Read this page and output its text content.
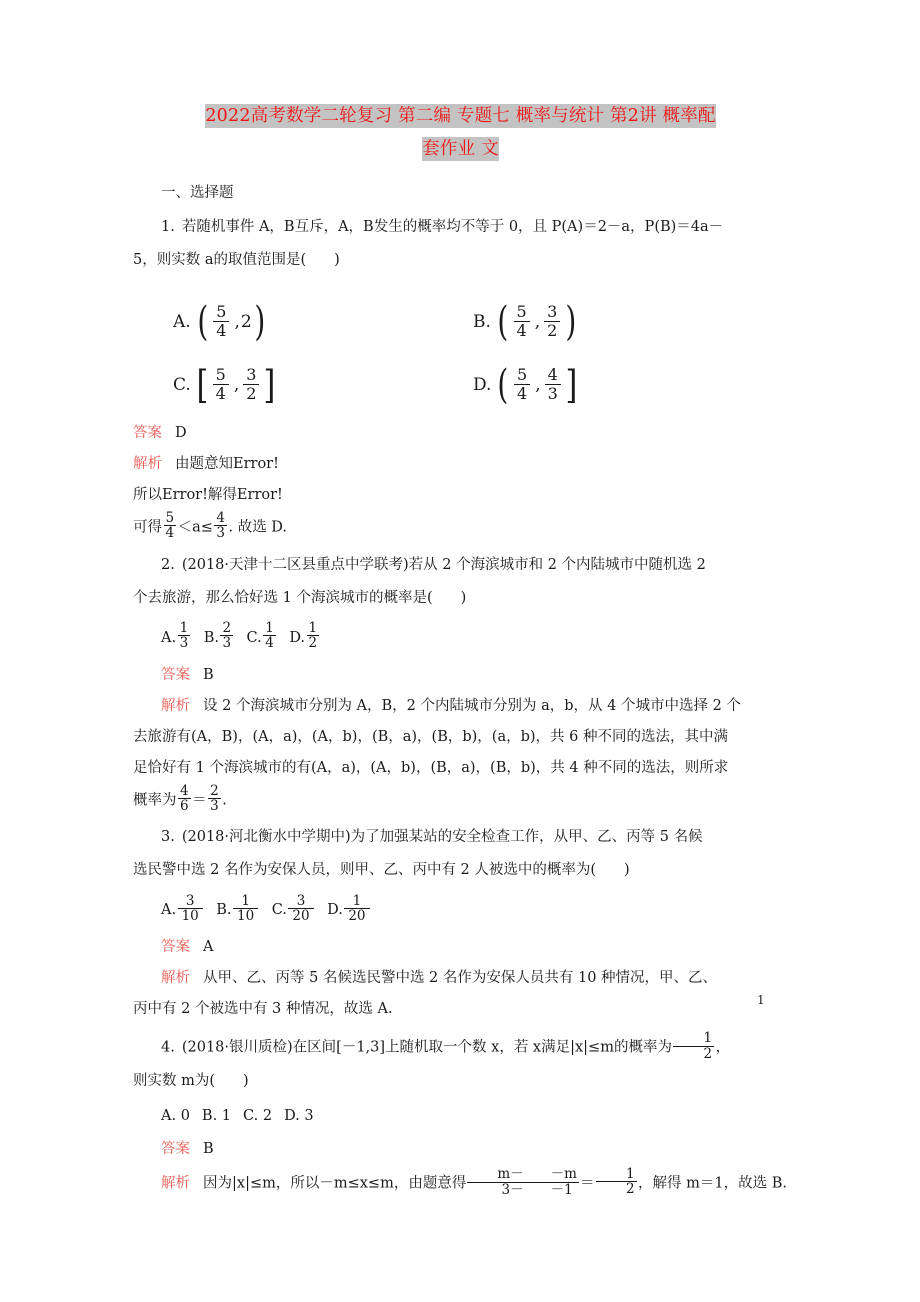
2022高考数学二轮复习 第二编 专题七 概率与统计 第2讲 概率配
套作业 文

一、选择题

1. 若随机事件 A，B互斥，A，B发生的概率均不等于 0，且 P(A)＝2－a，P(B)＝4a－

5，则实数 a的取值范围是( )

A. ( $\frac{5}{4}$ , 2 )	B. ( $\frac{5}{4}$ , $\frac{3}{2}$ )
C. [ $\frac{5}{4}$ , $\frac{3}{2}$ ]	D. ( $\frac{5}{4}$ , $\frac{4}{3}$ ]

答案 D

解析 由题意知Error!

所以Error!解得Error!

可得 $\frac{5}{4} <a\le \frac{4}{3}$ . 故选 D.

2. (2018·天津十二区县重点中学联考)若从 2 个海滨城市和 2 个内陆城市中随机选 2

个去旅游，那么恰好选 1 个海滨城市的概率是( )

A. $\frac{1}{3} B$. $\frac{2}{3} C$. $\frac{1}{4} D$. $\frac{1}{2}$

答案 B

解析 设 2 个海滨城市分别为 A，B，2 个内陆城市分别为 a，b，从 4 个城市中选择 2 个

去旅游有(A，B)，(A，a)，(A，b)，(B，a)，(B，b)，(a，b)，共 6 种不同的选法，其中满

足恰好有 1 个海滨城市的有(A，a)，(A，b)，(B，a)，(B，b)，共 4 种不同的选法，则所求

概率为 $\frac{4}{6} = \frac{2}{3}$ .

3. (2018·河北衡水中学期中)为了加强某站的安全检查工作，从甲、乙、丙等 5 名候

选民警中选 2 名作为安保人员，则甲、乙、丙中有 2 人被选中的概率为( )

A. $\frac{3}{10} B$. $\frac{1}{10} C$. $\frac{3}{20} D$. $\frac{1}{20}$

答案 A

解析 从甲、乙、丙等 5 名候选民警中选 2 名作为安保人员共有 10 种情况，甲、乙、

丙中有 2 个被选中有 3 种情况，故选 A.

4. (2018·银川质检)在区间[－1,3]上随机取一个数 x，若 x满足|x|≤m的概率为 $\frac{1}{2}$ ，

则实数 m为( )

A. 0 B. 1 C. 2 D. 3

答案 B

解析 因为|x|≤m，所以－m≤x≤m，由题意得 $\frac{m- -m}{3- -1} = \frac{1}{2}$ ，解得 m＝1，故选 B.

1
